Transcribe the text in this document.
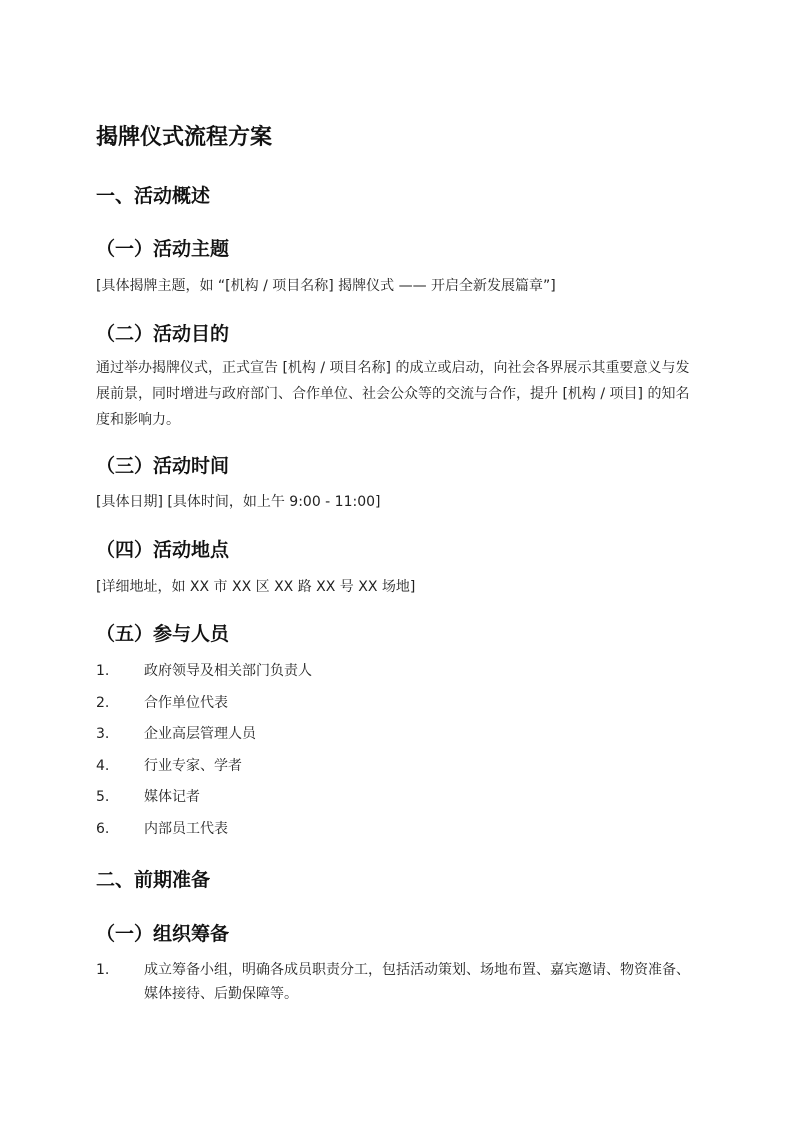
揭牌仪式流程方案
一、活动概述
（一）活动主题

[具体揭牌主题，如 “[机构 / 项目名称] 揭牌仪式 —— 开启全新发展篇章”]

（二）活动目的

通过举办揭牌仪式，正式宣告 [机构 / 项目名称] 的成立或启动，向社会各界展示其重要意义与发展前景，同时增进与政府部门、合作单位、社会公众等的交流与合作，提升 [机构 / 项目] 的知名度和影响力。

（三）活动时间

[具体日期] [具体时间，如上午 9:00 - 11:00]

（四）活动地点

[详细地址，如 XX 市 XX 区 XX 路 XX 号 XX 场地]

（五）参与人员
1. 政府领导及相关部门负责人
2. 合作单位代表
3. 企业高层管理人员
4. 行业专家、学者
5. 媒体记者
6. 内部员工代表
二、前期准备
（一）组织筹备
1. 成立筹备小组，明确各成员职责分工，包括活动策划、场地布置、嘉宾邀请、物资准备、媒体接待、后勤保障等。
